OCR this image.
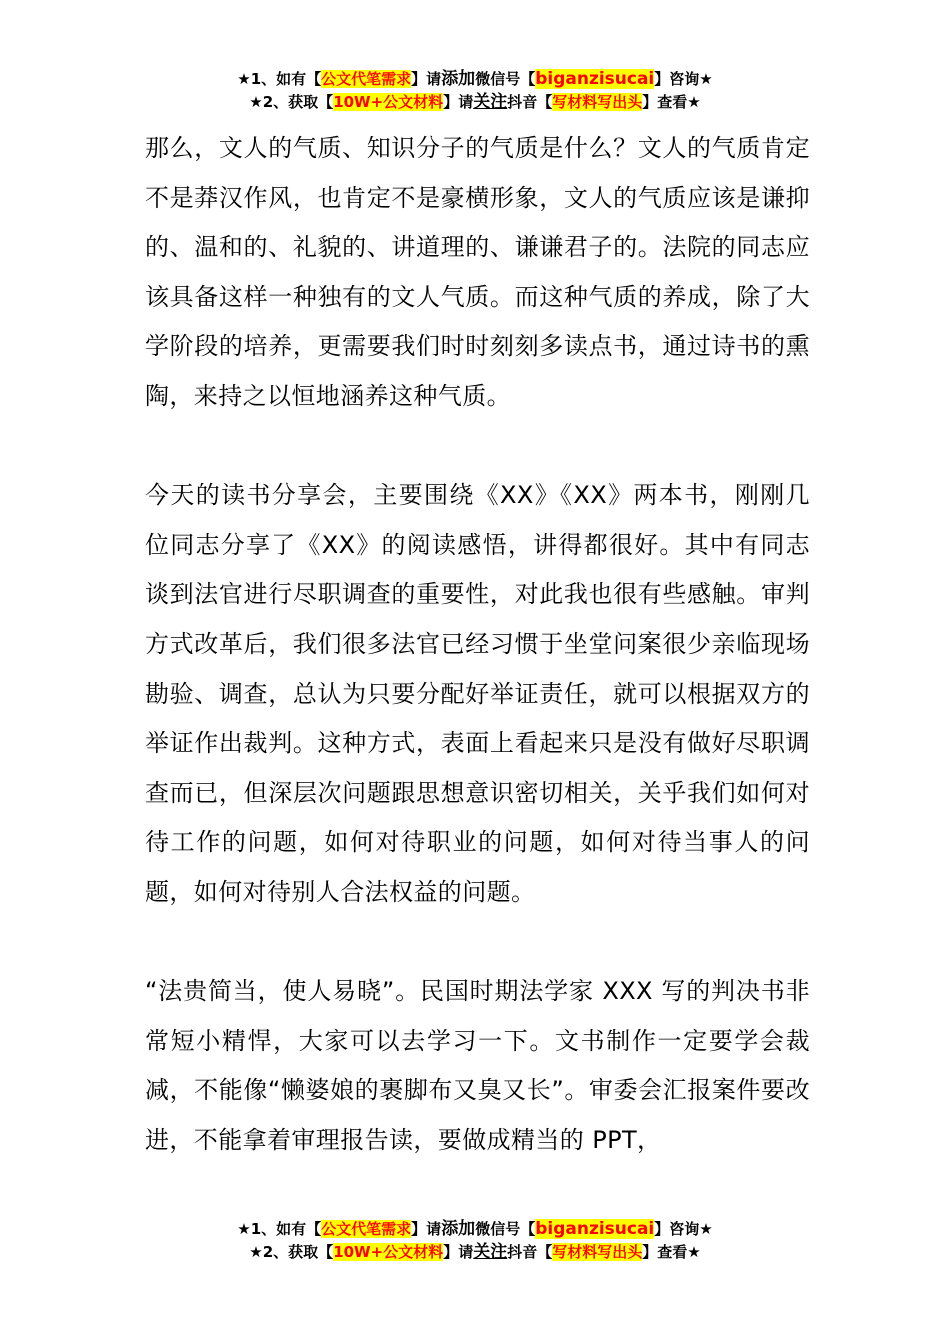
★1、如有【公文代笔需求】请添加微信号【biganzisucai】咨询★
★2、获取【10W+公文材料】请关注抖音【写材料写出头】查看★

那么，文人的气质、知识分子的气质是什么？文人的气质肯定不是莽汉作风，也肯定不是豪横形象，文人的气质应该是谦抑的、温和的、礼貌的、讲道理的、谦谦君子的。法院的同志应该具备这样一种独有的文人气质。而这种气质的养成，除了大学阶段的培养，更需要我们时时刻刻多读点书，通过诗书的熏陶，来持之以恒地涵养这种气质。

今天的读书分享会，主要围绕《XX》《XX》两本书，刚刚几位同志分享了《XX》的阅读感悟，讲得都很好。其中有同志谈到法官进行尽职调查的重要性，对此我也很有些感触。审判方式改革后，我们很多法官已经习惯于坐堂问案很少亲临现场勘验、调查，总认为只要分配好举证责任，就可以根据双方的举证作出裁判。这种方式，表面上看起来只是没有做好尽职调查而已，但深层次问题跟思想意识密切相关，关乎我们如何对待工作的问题，如何对待职业的问题，如何对待当事人的问题，如何对待别人合法权益的问题。

“法贵简当，使人易晓”。民国时期法学家 XXX 写的判决书非常短小精悍，大家可以去学习一下。文书制作一定要学会裁减，不能像“懒婆娘的裹脚布又臭又长”。审委会汇报案件要改进，不能拿着审理报告读，要做成精当的 PPT，

★1、如有【公文代笔需求】请添加微信号【biganzisucai】咨询★
★2、获取【10W+公文材料】请关注抖音【写材料写出头】查看★
